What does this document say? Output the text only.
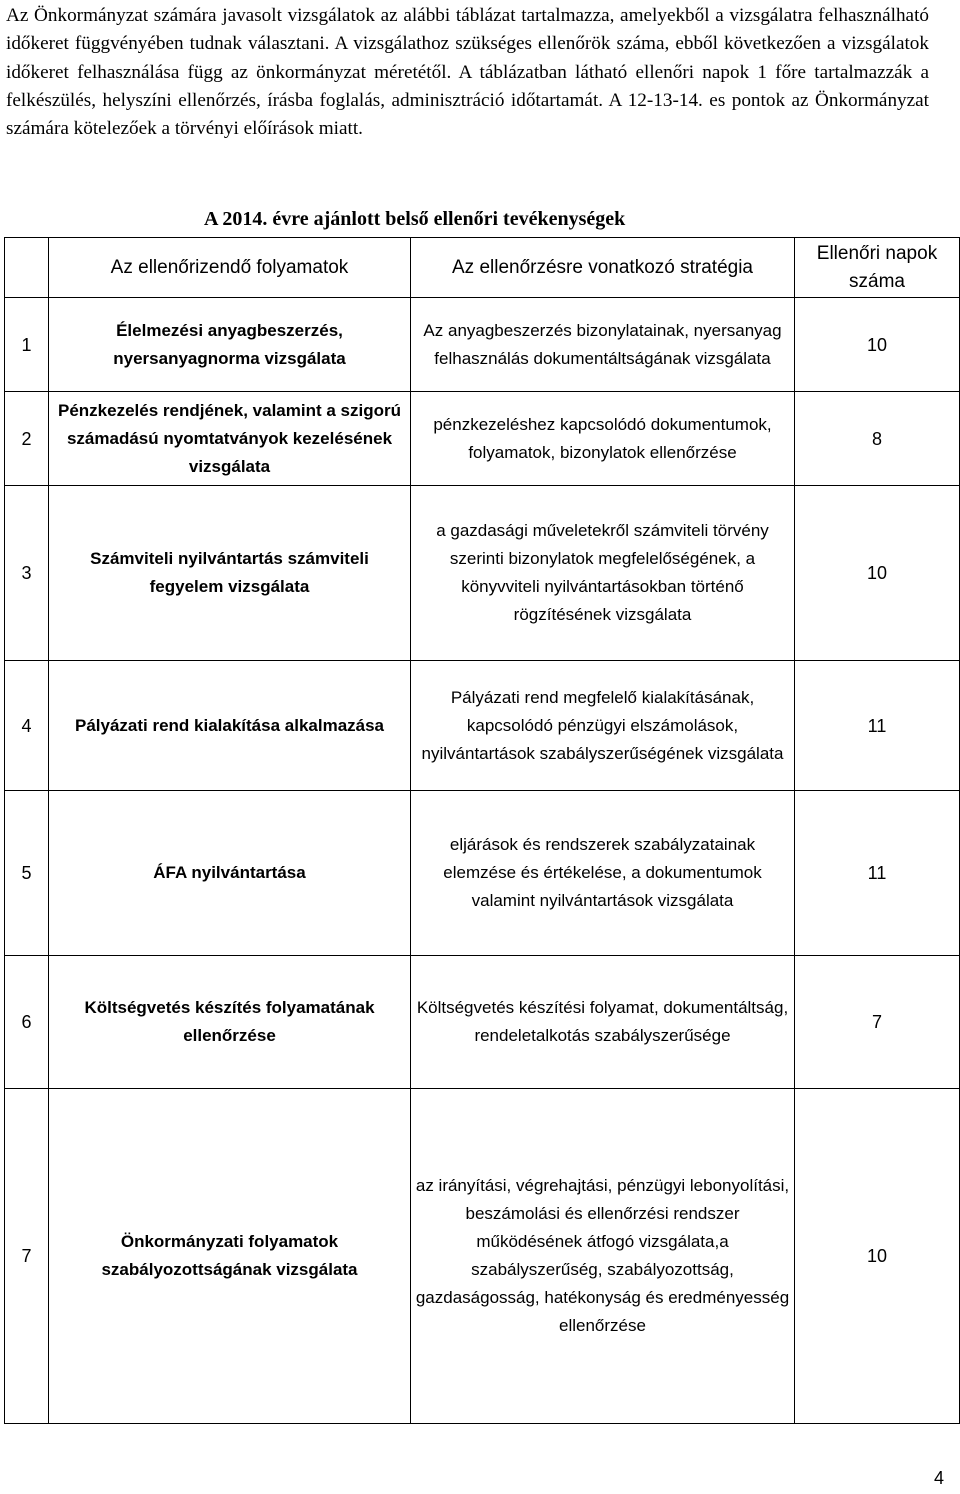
Az Önkormányzat számára javasolt vizsgálatok az alábbi táblázat tartalmazza, amelyekből a vizsgálatra felhasználható időkeret függvényében tudnak választani. A vizsgálathoz szükséges ellenőrök száma, ebből következően a vizsgálatok időkeret felhasználása függ az önkormányzat méretétől. A táblázatban látható ellenőri napok 1 főre tartalmazzák a felkészülés, helyszíni ellenőrzés, írásba foglalás, adminisztráció időtartamát. A 12-13-14. es pontok az Önkormányzat számára kötelezőek a törvényi előírások miatt.

A 2014. évre ajánlott belső ellenőri tevékenységek
	Az ellenőrizendő folyamatok	Az ellenőrzésre vonatkozó stratégia	Ellenőri napok száma
1	Élelmezési anyagbeszerzés, nyersanyagnorma vizsgálata	Az anyagbeszerzés bizonylatainak, nyersanyag felhasználás dokumentáltságának vizsgálata	10
2	Pénzkezelés rendjének, valamint a szigorú számadású nyomtatványok kezelésének vizsgálata	pénzkezeléshez kapcsolódó dokumentumok, folyamatok, bizonylatok ellenőrzése	8
3	Számviteli nyilvántartás számviteli fegyelem vizsgálata	a gazdasági műveletekről számviteli törvény szerinti bizonylatok megfelelőségének, a könyvviteli nyilvántartásokban történő rögzítésének vizsgálata	10
4	Pályázati rend kialakítása alkalmazása	Pályázati rend megfelelő kialakításának, kapcsolódó pénzügyi elszámolások, nyilvántartások szabályszerűségének vizsgálata	11
5	ÁFA nyilvántartása	eljárások és rendszerek szabályzatainak elemzése és értékelése, a dokumentumok valamint nyilvántartások vizsgálata	11
6	Költségvetés készítés folyamatának ellenőrzése	Költségvetés készítési folyamat, dokumentáltság, rendeletalkotás szabályszerűsége	7
7	Önkormányzati folyamatok szabályozottságának vizsgálata	az irányítási, végrehajtási, pénzügyi lebonyolítási, beszámolási és ellenőrzési rendszer működésének átfogó vizsgálata,a szabályszerűség, szabályozottság, gazdaságosság, hatékonyság és eredményesség ellenőrzése	10
4
